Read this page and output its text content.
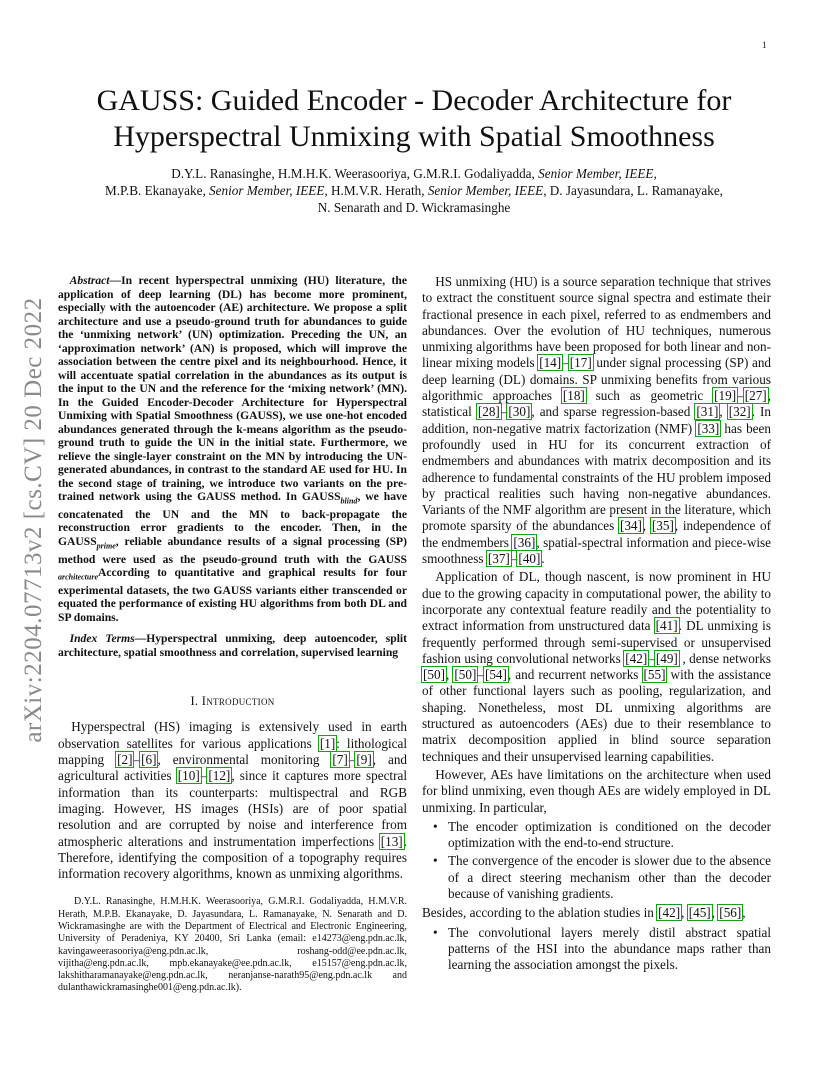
1
arXiv:2204.07713v2 [cs.CV] 20 Dec 2022
GAUSS: Guided Encoder - Decoder Architecture for
Hyperspectral Unmixing with Spatial Smoothness
D.Y.L. Ranasinghe, H.M.H.K. Weerasooriya, G.M.R.I. Godaliyadda, Senior Member, IEEE,
M.P.B. Ekanayake, Senior Member, IEEE, H.M.V.R. Herath, Senior Member, IEEE, D. Jayasundara, L. Ramanayake,
N. Senarath and D. Wickramasinghe

Abstract—In recent hyperspectral unmixing (HU) literature, the application of deep learning (DL) has become more prominent, especially with the autoencoder (AE) architecture. We propose a split architecture and use a pseudo-ground truth for abundances to guide the ‘unmixing network’ (UN) optimization. Preceding the UN, an ‘approximation network’ (AN) is proposed, which will improve the association between the centre pixel and its neighbourhood. Hence, it will accentuate spatial correlation in the abundances as its output is the input to the UN and the reference for the ‘mixing network’ (MN). In the Guided Encoder-Decoder Architecture for Hyperspectral Unmixing with Spatial Smoothness (GAUSS), we use one-hot encoded abundances generated through the k-means algorithm as the pseudo-ground truth to guide the UN in the initial state. Furthermore, we relieve the single-layer constraint on the MN by introducing the UN-generated abundances, in contrast to the standard AE used for HU. In the second stage of training, we introduce two variants on the pre-trained network using the GAUSS method. In $GAUSS_{blind}$, we have concatenated the UN and the MN to back-propagate the reconstruction error gradients to the encoder. Then, in the $GAUSS_{prime}$, reliable abundance results of a signal processing (SP) method were used as the pseudo-ground truth with the GAUSS $_{architecture}$According to quantitative and graphical results for four experimental datasets, the two GAUSS variants either transcended or equated the performance of existing HU algorithms from both DL and SP domains.

Index Terms—Hyperspectral unmixing, deep autoencoder, split architecture, spatial smoothness and correlation, supervised learning

I. Introduction

Hyperspectral (HS) imaging is extensively used in earth observation satellites for various applications [1]: lithological mapping [2]–[6], environmental monitoring [7]–[9], and agricultural activities [10]–[12], since it captures more spectral information than its counterparts: multispectral and RGB imaging. However, HS images (HSIs) are of poor spatial resolution and are corrupted by noise and interference from atmospheric alterations and instrumentation imperfections [13]. Therefore, identifying the composition of a topography requires information recovery algorithms, known as unmixing algorithms.

D.Y.L. Ranasinghe, H.M.H.K. Weerasooriya, G.M.R.I. Godaliyadda, H.M.V.R. Herath, M.P.B. Ekanayake, D. Jayasundara, L. Ramanayake, N. Senarath and D. Wickramasinghe are with the Department of Electrical and Electronic Engineering, University of Peradeniya, KY 20400, Sri Lanka (email: e14273@eng.pdn.ac.lk, kavingaweerasooriya@eng.pdn.ac.lk, roshang-odd@ee.pdn.ac.lk, vijitha@eng.pdn.ac.lk, mpb.ekanayake@ee.pdn.ac.lk, e15157@eng.pdn.ac.lk, lakshitharamanayake@eng.pdn.ac.lk, neranjanse-narath95@eng.pdn.ac.lk and dulanthawickramasinghe001@eng.pdn.ac.lk).

HS unmixing (HU) is a source separation technique that strives to extract the constituent source signal spectra and estimate their fractional presence in each pixel, referred to as endmembers and abundances. Over the evolution of HU techniques, numerous unmixing algorithms have been proposed for both linear and non-linear mixing models [14]–[17] under signal processing (SP) and deep learning (DL) domains. SP unmixing benefits from various algorithmic approaches [18] such as geometric [19]–[27], statistical [28]–[30], and sparse regression-based [31], [32]. In addition, non-negative matrix factorization (NMF) [33] has been profoundly used in HU for its concurrent extraction of endmembers and abundances with matrix decomposition and its adherence to fundamental constraints of the HU problem imposed by practical realities such having non-negative abundances. Variants of the NMF algorithm are present in the literature, which promote sparsity of the abundances [34], [35], independence of the endmembers [36], spatial-spectral information and piece-wise smoothness [37]–[40].

Application of DL, though nascent, is now prominent in HU due to the growing capacity in computational power, the ability to incorporate any contextual feature readily and the potentiality to extract information from unstructured data [41]. DL unmixing is frequently performed through semi-supervised or unsupervised fashion using convolutional networks [42]–[49] , dense networks [50], [50]–[54], and recurrent networks [55] with the assistance of other functional layers such as pooling, regularization, and shaping. Nonetheless, most DL unmixing algorithms are structured as autoencoders (AEs) due to their resemblance to matrix decomposition applied in blind source separation techniques and their unsupervised learning capabilities.

However, AEs have limitations on the architecture when used for blind unmixing, even though AEs are widely employed in DL unmixing. In particular,

• The encoder optimization is conditioned on the decoder optimization with the end-to-end structure.
• The convergence of the encoder is slower due to the absence of a direct steering mechanism other than the decoder because of vanishing gradients.

Besides, according to the ablation studies in [42], [45], [56],

• The convolutional layers merely distil abstract spatial patterns of the HSI into the abundance maps rather than learning the association amongst the pixels.
